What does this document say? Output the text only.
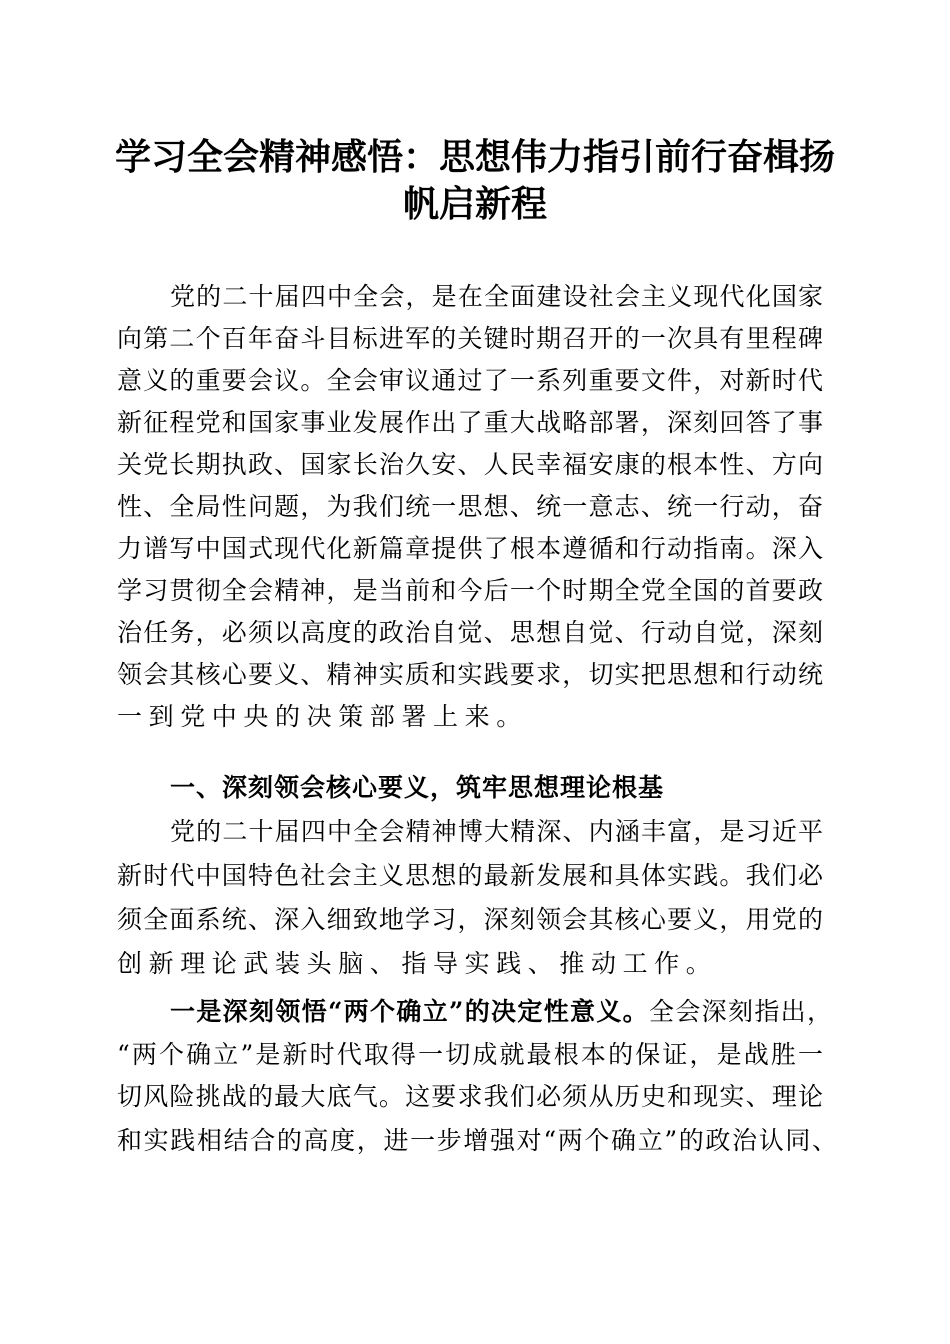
学习全会精神感悟：思想伟力指引前行奋楫扬
帆启新程
党的二十届四中全会，是在全面建设社会主义现代化国家
向第二个百年奋斗目标进军的关键时期召开的一次具有里程碑
意义的重要会议。全会审议通过了一系列重要文件，对新时代
新征程党和国家事业发展作出了重大战略部署，深刻回答了事
关党长期执政、国家长治久安、人民幸福安康的根本性、方向
性、全局性问题，为我们统一思想、统一意志、统一行动，奋
力谱写中国式现代化新篇章提供了根本遵循和行动指南。深入
学习贯彻全会精神，是当前和今后一个时期全党全国的首要政
治任务，必须以高度的政治自觉、思想自觉、行动自觉，深刻
领会其核心要义、精神实质和实践要求，切实把思想和行动统
一到党中央的决策部署上来。
一、深刻领会核心要义，筑牢思想理论根基
党的二十届四中全会精神博大精深、内涵丰富，是习近平
新时代中国特色社会主义思想的最新发展和具体实践。我们必
须全面系统、深入细致地学习，深刻领会其核心要义，用党的
创新理论武装头脑、指导实践、推动工作。
一是深刻领悟“两个确立”的决定性意义。全会深刻指出，
“两个确立”是新时代取得一切成就最根本的保证，是战胜一
切风险挑战的最大底气。这要求我们必须从历史和现实、理论
和实践相结合的高度，进一步增强对“两个确立”的政治认同、
